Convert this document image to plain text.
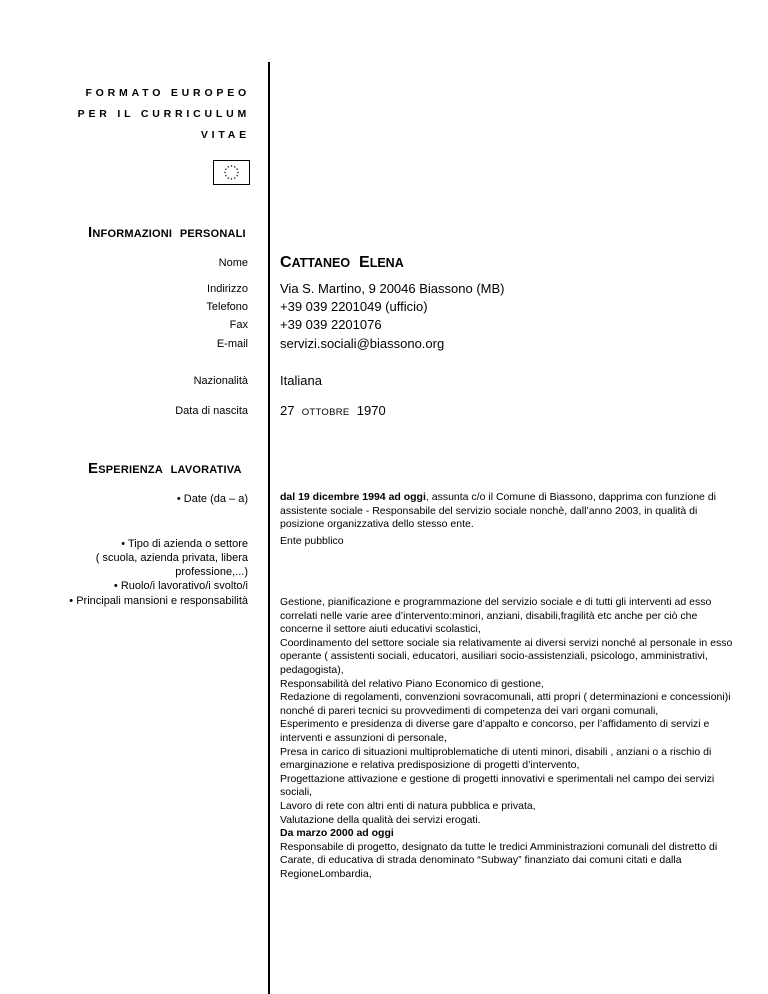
FORMATO EUROPEO
PER IL CURRICULUM
VITAE
INFORMAZIONI PERSONALI
Nome CATTANEO ELENA
Indirizzo Via S. Martino, 9 20046 Biassono (MB)
Telefono +39 039 2201049 (ufficio)
Fax +39 039 2201076
E-mail servizi.sociali@biassono.org
Nazionalità Italiana
Data di nascita 27 OTTOBRE 1970
ESPERIENZA LAVORATIVA
• Date (da – a)
• Tipo di azienda o settore
( scuola, azienda privata, libera
professione,...)
• Ruolo/i lavorativo/i svolto/i
• Principali mansioni e responsabilità
dal 19 dicembre 1994 ad oggi, assunta c/o il Comune di Biassono, dapprima con funzione di assistente sociale - Responsabile del servizio sociale nonchè, dall’anno 2003, in qualità di posizione organizzativa dello stesso ente.
Ente pubblico

Gestione, pianificazione e programmazione del servizio sociale e di tutti gli interventi ad esso correlati nelle varie aree d’intervento:minori, anziani, disabili,fragilità etc anche per ciò che concerne il settore aiuti educativi scolastici,

Coordinamento del settore sociale sia relativamente ai diversi servizi nonché al personale in esso operante ( assistenti sociali, educatori, ausiliari socio-assistenziali, psicologo, amministrativi, pedagogista),

Responsabilità del relativo Piano Economico di gestione,

Redazione di regolamenti, convenzioni sovracomunali, atti propri ( determinazioni e concessioni)i nonché di pareri tecnici su provvedimenti di competenza dei vari organi comunali,

Esperimento e presidenza di diverse gare d’appalto e concorso, per l’affidamento di servizi e interventi e assunzioni di personale,

Presa in carico di situazioni multiproblematiche di utenti minori, disabili , anziani o a rischio di emarginazione e relativa predisposizione di progetti d’intervento,

Progettazione attivazione e gestione di progetti innovativi e sperimentali nel campo dei servizi sociali,

Lavoro di rete con altri enti di natura pubblica e privata,

Valutazione della qualità dei servizi erogati.

Da marzo 2000 ad oggi

Responsabile di progetto, designato da tutte le tredici Amministrazioni comunali del distretto di Carate, di educativa di strada denominato “Subway” finanziato dai comuni citati e dalla RegioneLombardia,
